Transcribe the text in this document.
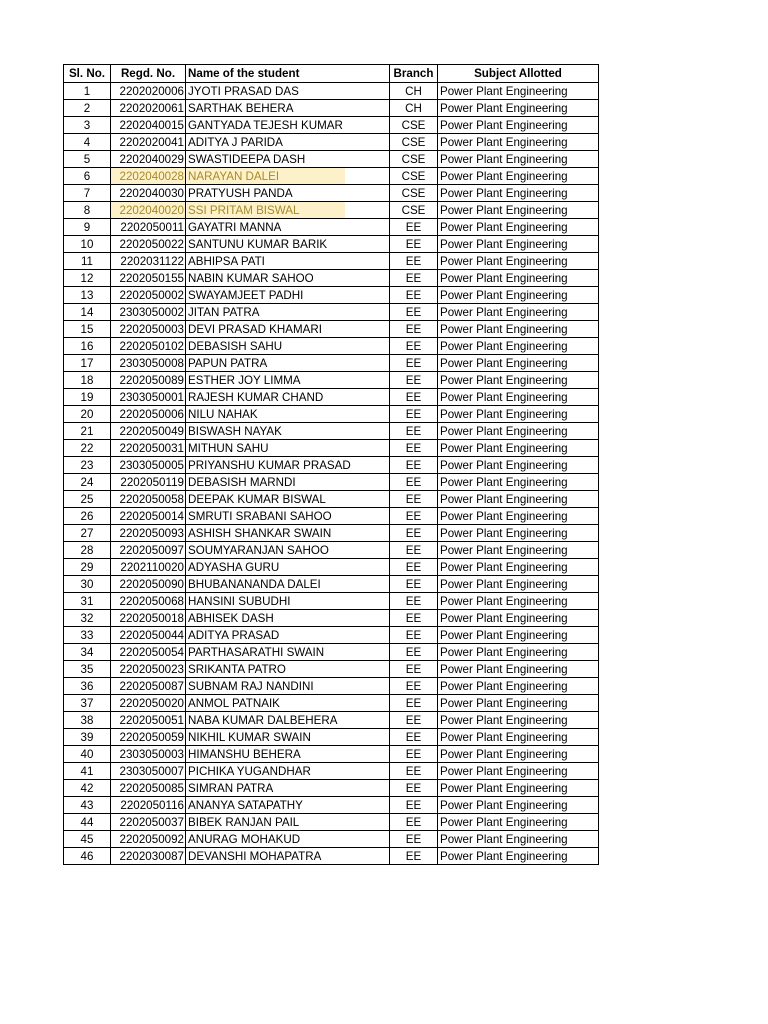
Sl. No.	Regd. No.	Name of the student	Branch	Subject Allotted
1	2202020006	JYOTI PRASAD DAS	CH	Power Plant Engineering
2	2202020061	SARTHAK BEHERA	CH	Power Plant Engineering
3	2202040015	GANTYADA TEJESH KUMAR	CSE	Power Plant Engineering
4	2202020041	ADITYA J PARIDA	CSE	Power Plant Engineering
5	2202040029	SWASTIDEEPA DASH	CSE	Power Plant Engineering
6	2202040028	NARAYAN DALEI	CSE	Power Plant Engineering
7	2202040030	PRATYUSH PANDA	CSE	Power Plant Engineering
8	2202040020	SSI PRITAM BISWAL	CSE	Power Plant Engineering
9	2202050011	GAYATRI MANNA	EE	Power Plant Engineering
10	2202050022	SANTUNU KUMAR BARIK	EE	Power Plant Engineering
11	2202031122	ABHIPSA PATI	EE	Power Plant Engineering
12	2202050155	NABIN KUMAR SAHOO	EE	Power Plant Engineering
13	2202050002	SWAYAMJEET PADHI	EE	Power Plant Engineering
14	2303050002	JITAN PATRA	EE	Power Plant Engineering
15	2202050003	DEVI PRASAD KHAMARI	EE	Power Plant Engineering
16	2202050102	DEBASISH SAHU	EE	Power Plant Engineering
17	2303050008	PAPUN PATRA	EE	Power Plant Engineering
18	2202050089	ESTHER JOY LIMMA	EE	Power Plant Engineering
19	2303050001	RAJESH KUMAR CHAND	EE	Power Plant Engineering
20	2202050006	NILU NAHAK	EE	Power Plant Engineering
21	2202050049	BISWASH NAYAK	EE	Power Plant Engineering
22	2202050031	MITHUN SAHU	EE	Power Plant Engineering
23	2303050005	PRIYANSHU KUMAR PRASAD	EE	Power Plant Engineering
24	2202050119	DEBASISH MARNDI	EE	Power Plant Engineering
25	2202050058	DEEPAK KUMAR BISWAL	EE	Power Plant Engineering
26	2202050014	SMRUTI SRABANI SAHOO	EE	Power Plant Engineering
27	2202050093	ASHISH SHANKAR SWAIN	EE	Power Plant Engineering
28	2202050097	SOUMYARANJAN SAHOO	EE	Power Plant Engineering
29	2202110020	ADYASHA GURU	EE	Power Plant Engineering
30	2202050090	BHUBANANANDA DALEI	EE	Power Plant Engineering
31	2202050068	HANSINI SUBUDHI	EE	Power Plant Engineering
32	2202050018	ABHISEK DASH	EE	Power Plant Engineering
33	2202050044	ADITYA PRASAD	EE	Power Plant Engineering
34	2202050054	PARTHASARATHI SWAIN	EE	Power Plant Engineering
35	2202050023	SRIKANTA PATRO	EE	Power Plant Engineering
36	2202050087	SUBNAM RAJ NANDINI	EE	Power Plant Engineering
37	2202050020	ANMOL PATNAIK	EE	Power Plant Engineering
38	2202050051	NABA KUMAR DALBEHERA	EE	Power Plant Engineering
39	2202050059	NIKHIL KUMAR SWAIN	EE	Power Plant Engineering
40	2303050003	HIMANSHU BEHERA	EE	Power Plant Engineering
41	2303050007	PICHIKA YUGANDHAR	EE	Power Plant Engineering
42	2202050085	SIMRAN PATRA	EE	Power Plant Engineering
43	2202050116	ANANYA SATAPATHY	EE	Power Plant Engineering
44	2202050037	BIBEK RANJAN PAIL	EE	Power Plant Engineering
45	2202050092	ANURAG MOHAKUD	EE	Power Plant Engineering
46	2202030087	DEVANSHI MOHAPATRA	EE	Power Plant Engineering
